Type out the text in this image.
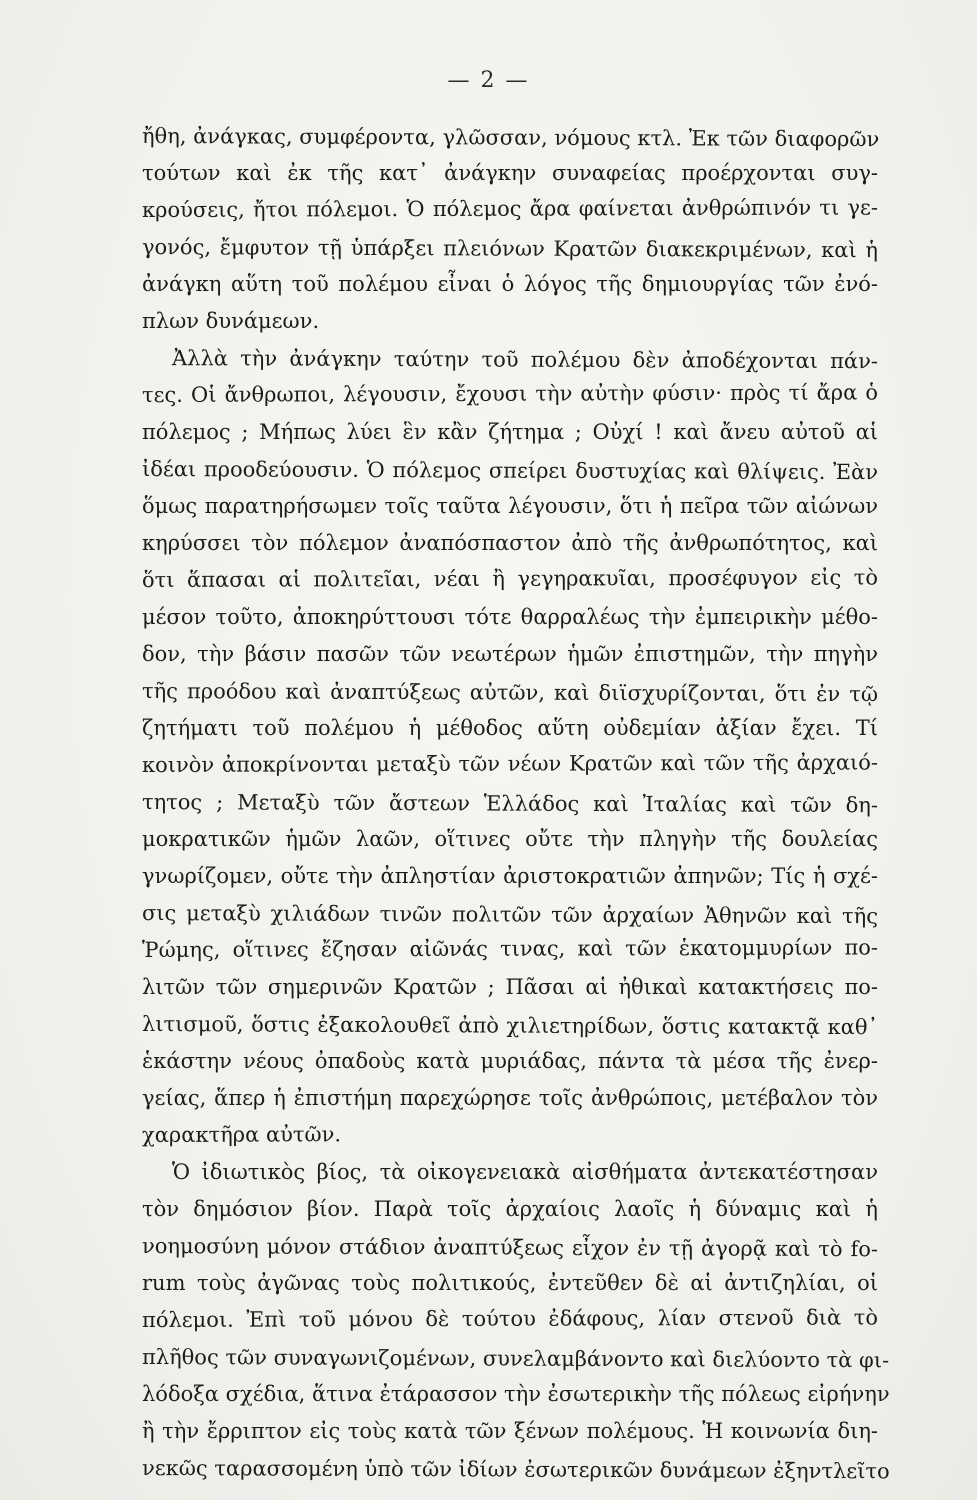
— 2 —
ἤθη, ἀνάγκας, συμφέροντα, γλῶσσαν, νόμους κτλ. Ἐκ τῶν διαφορῶν
τούτων καὶ ἐκ τῆς κατ᾽ ἀνάγκην συναφείας προέρχονται συγ-
κρούσεις, ἤτοι πόλεμοι. Ὁ πόλεμος ἄρα φαίνεται ἀνθρώπινόν τι γε-
γονός, ἔμφυτον τῇ ὑπάρξει πλειόνων Κρατῶν διακεκριμένων, καὶ ἡ
ἀνάγκη αὕτη τοῦ πολέμου εἶναι ὁ λόγος τῆς δημιουργίας τῶν ἐνό-
πλων δυνάμεων.
Ἀλλὰ τὴν ἀνάγκην ταύτην τοῦ πολέμου δὲν ἀποδέχονται πάν-
τες. Οἱ ἄνθρωποι, λέγουσιν, ἔχουσι τὴν αὐτὴν φύσιν· πρὸς τί ἄρα ὁ
πόλεμος ; Μήπως λύει ἓν κἂν ζήτημα ; Οὐχί ! καὶ ἄνευ αὐτοῦ αἱ
ἰδέαι προοδεύουσιν. Ὁ πόλεμος σπείρει δυστυχίας καὶ θλίψεις. Ἐὰν
ὅμως παρατηρήσωμεν τοῖς ταῦτα λέγουσιν, ὅτι ἡ πεῖρα τῶν αἰώνων
κηρύσσει τὸν πόλεμον ἀναπόσπαστον ἀπὸ τῆς ἀνθρωπότητος, καὶ
ὅτι ἅπασαι αἱ πολιτεῖαι, νέαι ἢ γεγηρακυῖαι, προσέφυγον εἰς τὸ
μέσον τοῦτο, ἀποκηρύττουσι τότε θαρραλέως τὴν ἐμπειρικὴν μέθο-
δον, τὴν βάσιν πασῶν τῶν νεωτέρων ἡμῶν ἐπιστημῶν, τὴν πηγὴν
τῆς προόδου καὶ ἀναπτύξεως αὐτῶν, καὶ διϊσχυρίζονται, ὅτι ἐν τῷ
ζητήματι τοῦ πολέμου ἡ μέθοδος αὕτη οὐδεμίαν ἀξίαν ἔχει. Τί
κοινὸν ἀποκρίνονται μεταξὺ τῶν νέων Κρατῶν καὶ τῶν τῆς ἀρχαιό-
τητος ; Μεταξὺ τῶν ἄστεων Ἑλλάδος καὶ Ἰταλίας καὶ τῶν δη-
μοκρατικῶν ἡμῶν λαῶν, οἵτινες οὔτε τὴν πληγὴν τῆς δουλείας
γνωρίζομεν, οὔτε τὴν ἀπληστίαν ἀριστοκρατιῶν ἀπηνῶν; Τίς ἡ σχέ-
σις μεταξὺ χιλιάδων τινῶν πολιτῶν τῶν ἀρχαίων Ἀθηνῶν καὶ τῆς
Ῥώμης, οἵτινες ἔζησαν αἰῶνάς τινας, καὶ τῶν ἑκατομμυρίων πο-
λιτῶν τῶν σημερινῶν Κρατῶν ; Πᾶσαι αἱ ἠθικαὶ κατακτήσεις πο-
λιτισμοῦ, ὅστις ἐξακολουθεῖ ἀπὸ χιλιετηρίδων, ὅστις κατακτᾷ καθ᾽
ἑκάστην νέους ὀπαδοὺς κατὰ μυριάδας, πάντα τὰ μέσα τῆς ἐνερ-
γείας, ἅπερ ἡ ἐπιστήμη παρεχώρησε τοῖς ἀνθρώποις, μετέβαλον τὸν
χαρακτῆρα αὐτῶν.
Ὁ ἰδιωτικὸς βίος, τὰ οἰκογενειακὰ αἰσθήματα ἀντεκατέστησαν
τὸν δημόσιον βίον. Παρὰ τοῖς ἀρχαίοις λαοῖς ἡ δύναμις καὶ ἡ
νοημοσύνη μόνον στάδιον ἀναπτύξεως εἶχον ἐν τῇ ἀγορᾷ καὶ τὸ fo-
rum τοὺς ἀγῶνας τοὺς πολιτικούς, ἐντεῦθεν δὲ αἱ ἀντιζηλίαι, οἱ
πόλεμοι. Ἐπὶ τοῦ μόνου δὲ τούτου ἐδάφους, λίαν στενοῦ διὰ τὸ
πλῆθος τῶν συναγωνιζομένων, συνελαμβάνοντο καὶ διελύοντο τὰ φι-
λόδοξα σχέδια, ἅτινα ἐτάρασσον τὴν ἐσωτερικὴν τῆς πόλεως εἰρήνην
ἢ τὴν ἔρριπτον εἰς τοὺς κατὰ τῶν ξένων πολέμους. Ἡ κοινωνία διη-
νεκῶς ταρασσομένη ὑπὸ τῶν ἰδίων ἐσωτερικῶν δυνάμεων ἐξηντλεῖτο
